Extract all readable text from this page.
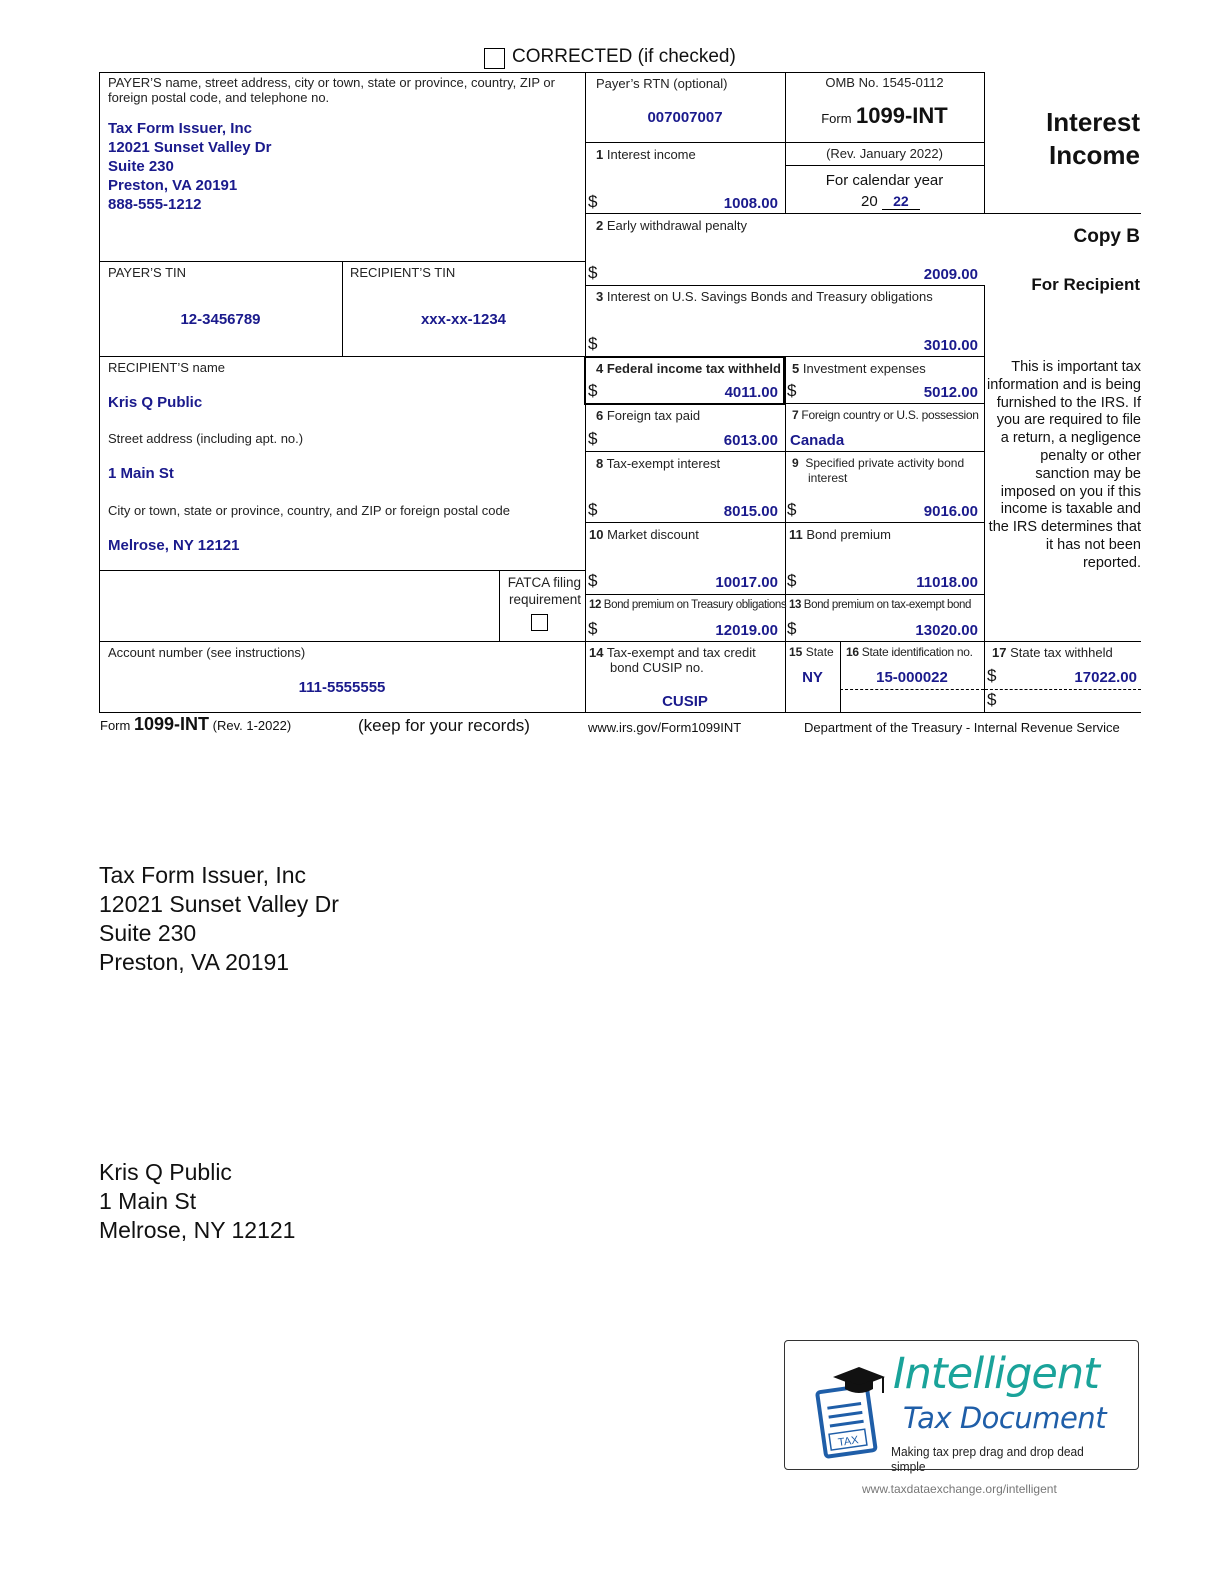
CORRECTED (if checked)
PAYER’S name, street address, city or town, state or province, country, ZIP or foreign postal code, and telephone no.
Tax Form Issuer, Inc
12021 Sunset Valley Dr
Suite 230
Preston, VA 20191
888-555-1212
Payer’s RTN (optional)
007007007
OMB No. 1545-0112
Form 1099-INT
(Rev. January 2022)
For calendar year
20 22
Interest
Income
Copy B
For Recipient
This is important tax information and is being furnished to the IRS. If you are required to file a return, a negligence penalty or other sanction may be imposed on you if this income is taxable and the IRS determines that it has not been reported.
1 Interest income
$	1008.00
2 Early withdrawal penalty
$	2009.00
3 Interest on U.S. Savings Bonds and Treasury obligations
$	3010.00
PAYER’S TIN
12-3456789
RECIPIENT’S TIN
xxx-xx-1234
RECIPIENT’S name
Kris Q Public
Street address (including apt. no.)
1 Main St
City or town, state or province, country, and ZIP or foreign postal code
Melrose, NY 12121
FATCA filing
requirement
4 Federal income tax withheld
$	4011.00
5 Investment expenses
$	5012.00
6 Foreign tax paid
$	6013.00
7 Foreign country or U.S. possession
Canada
8 Tax-exempt interest
$	8015.00
9 Specified private activity bond
interest
$	9016.00
10 Market discount
$	10017.00
11 Bond premium
$	11018.00
12 Bond premium on Treasury obligations
$	12019.00
13 Bond premium on tax-exempt bond
$	13020.00
Account number (see instructions)
111-5555555
14 Tax-exempt and tax credit
bond CUSIP no.
CUSIP
15 State
NY
16 State identification no.
15-000022
17 State tax withheld
$	17022.00
$
Form 1099-INT (Rev. 1-2022)	(keep for your records)	www.irs.gov/Form1099INT	Department of the Treasury - Internal Revenue Service
Tax Form Issuer, Inc
12021 Sunset Valley Dr
Suite 230
Preston, VA 20191
Kris Q Public
1 Main St
Melrose, NY 12121
TAX
Intelligent
Tax Document
Making tax prep drag and drop dead simple
www.taxdataexchange.org/intelligent
